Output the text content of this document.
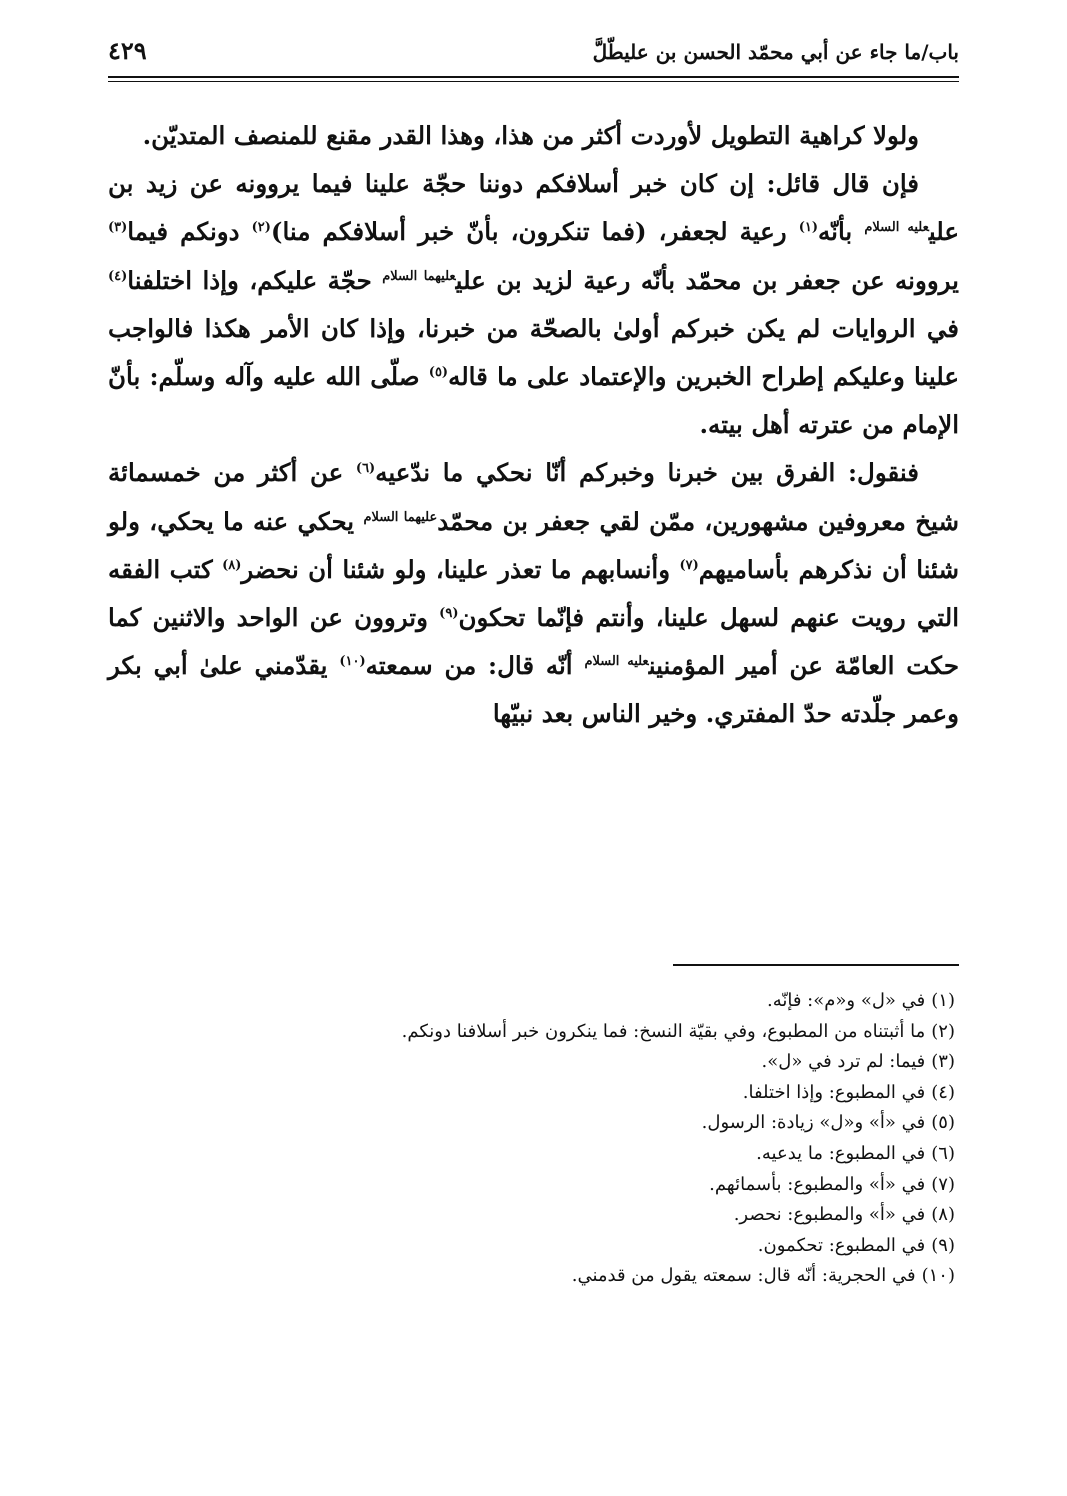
باب/ما جاء عن أبي محمّد الحسن بن عليطّلَّ
٤٢٩

ولولا كراهية التطويل لأوردت أكثر من هذا، وهذا القدر مقنع للمنصف المتديّن.

فإن قال قائل: إن كان خبر أسلافكم دوننا حجّة علينا فيما يروونه عن زيد بن علي$^{عليه السلام}$ بأنّه$^{(١)}$ رعية لجعفر، (فما تنكرون، بأنّ خبر أسلافكم منا)$^{(٢)}$ دونكم فيما$^{(٣)}$ يروونه عن جعفر بن محمّد بأنّه رعية لزيد بن علي$^{عليهما السلام}$ حجّة عليكم، وإذا اختلفنا$^{(٤)}$ في الروايات لم يكن خبركم أولىٰ بالصحّة من خبرنا، وإذا كان الأمر هكذا فالواجب علينا وعليكم إطراح الخبرين والإعتماد على ما قاله$^{(٥)}$ صلّى الله عليه وآله وسلّم: بأنّ الإمام من عترته أهل بيته.

فنقول: الفرق بين خبرنا وخبركم أنّا نحكي ما ندّعيه$^{(٦)}$ عن أكثر من خمسمائة شيخ معروفين مشهورين، ممّن لقي جعفر بن محمّد$^{عليهما السلام}$ يحكي عنه ما يحكي، ولو شئنا أن نذكرهم بأساميهم$^{(٧)}$ وأنسابهم ما تعذر علينا، ولو شئنا أن نحضر$^{(٨)}$ كتب الفقه التي رويت عنهم لسهل علينا، وأنتم فإنّما تحكون$^{(٩)}$ وتروون عن الواحد والاثنين كما حكت العامّة عن أمير المؤمنين$^{عليه السلام}$ أنّه قال: من سمعته$^{(١٠)}$ يقدّمني علىٰ أبي بكر وعمر جلّدته حدّ المفتري. وخير الناس بعد نبيّها

(١)في «ل» و«م»: فإنّه.
(٢)ما أثبتناه من المطبوع، وفي بقيّة النسخ: فما ينكرون خبر أسلافنا دونكم.
(٣)فيما: لم ترد في «ل».
(٤)في المطبوع: وإذا اختلفا.
(٥)في «أ» و«ل» زيادة: الرسول.
(٦)في المطبوع: ما يدعيه.
(٧)في «أ» والمطبوع: بأسمائهم.
(٨)في «أ» والمطبوع: نحصر.
(٩)في المطبوع: تحكمون.
(١٠)في الحجرية: أنّه قال: سمعته يقول من قدمني.
